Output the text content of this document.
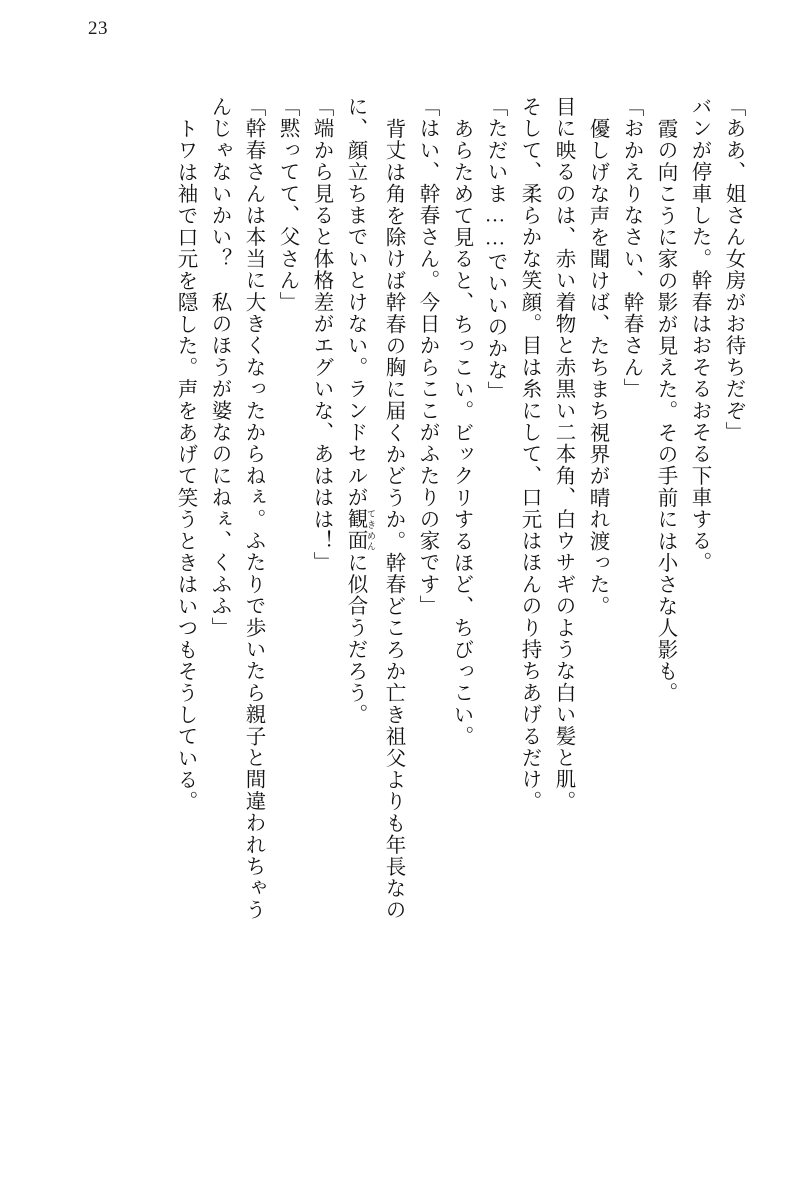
23
「ああ、姐さん女房がお待ちだぞ」
バンが停車した。幹春はおそるおそる下車する。
霞の向こうに家の影が見えた。その手前には小さな人影も。
「おかえりなさい、幹春さん」
優しげな声を聞けば、たちまち視界が晴れ渡った。
目に映るのは、赤い着物と赤黒い二本角、白ウサギのような白い髪と肌。
そして、柔らかな笑顔。目は糸にして、口元はほんのり持ちあげるだけ。
「ただいま……でいいのかな」
あらためて見ると、ちっこい。ビックリするほど、ちびっこい。
「はい、幹春さん。今日からここがふたりの家です」
背丈は角を除けば幹春の胸に届くかどうか。幹春どころか亡き祖父よりも年長なの
に、顔立ちまでいとけない。ランドセルが観面 てきめんに似合うだろう。
「端から見ると体格差がエグいな、あははは！」
「黙ってて、父さん」
「幹春さんは本当に大きくなったからねぇ。ふたりで歩いたら親子と間違われちゃう
んじゃないかい？　私のほうが婆なのにねぇ、くふふ」
トワは袖で口元を隠した。声をあげて笑うときはいつもそうしている。
